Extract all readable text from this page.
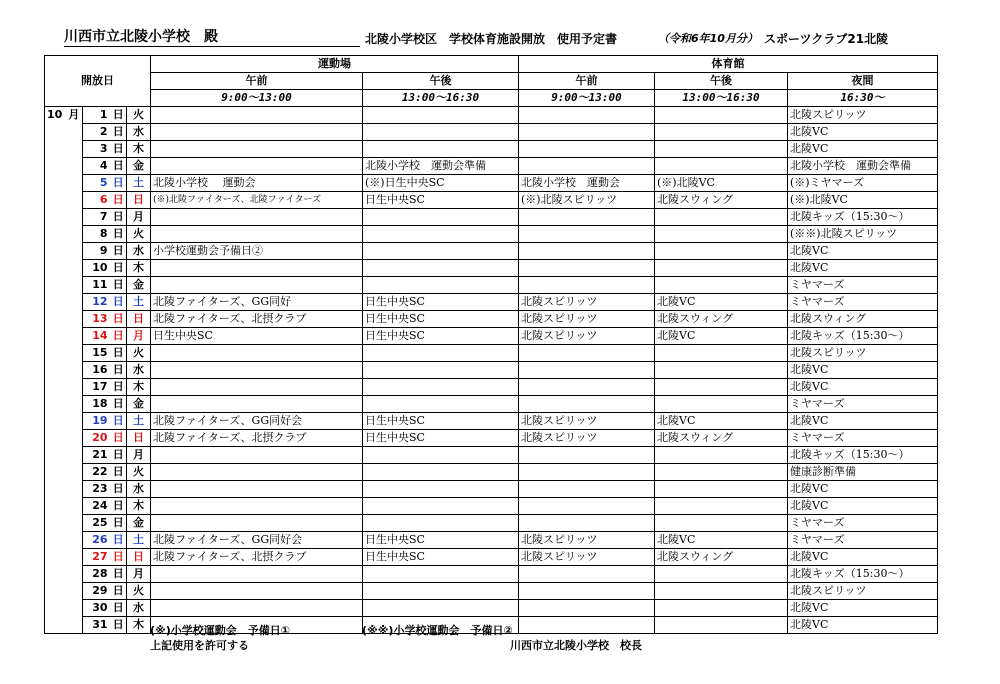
川西市立北陵小学校　殿	北陵小学校区　学校体育施設開放　使用予定書	（令和6年10月分） スポーツクラブ21北陵
開放日				運動場		体育館		
				午前	午後	午前	午後	夜間
				9:00～13:00	13:00～16:30	9:00～13:00	13:00～16:30	16:30～
10 月	1	日	火					北陵スピリッツ
	2	日	水					北陵VC
	3	日	木					北陵VC
	4	日	金		北陵小学校　運動会準備			北陵小学校　運動会準備
	5	日	土	北陵小学校　 運動会	(※)日生中央SC	北陵小学校　運動会	(※)北陵VC	(※)ミヤマーズ
	6	日	日	(※)北陵ファイターズ、北陵ファイターズ	日生中央SC	(※)北陵スピリッツ	北陵スウィング	(※)北陵VC
	7	日	月					北陵キッズ（15:30～）
	8	日	火					(※※)北陵スピリッツ
	9	日	水	小学校運動会予備日②				北陵VC
	10	日	木					北陵VC
	11	日	金					ミヤマーズ
	12	日	土	北陵ファイターズ、GG同好	日生中央SC	北陵スピリッツ	北陵VC	ミヤマーズ
	13	日	日	北陵ファイターズ、北摂クラブ	日生中央SC	北陵スピリッツ	北陵スウィング	北陵スウィング
	14	日	月	日生中央SC	日生中央SC	北陵スピリッツ	北陵VC	北陵キッズ（15:30～）
	15	日	火					北陵スピリッツ
	16	日	水					北陵VC
	17	日	木					北陵VC
	18	日	金					ミヤマーズ
	19	日	土	北陵ファイターズ、GG同好会	日生中央SC	北陵スピリッツ	北陵VC	北陵VC
	20	日	日	北陵ファイターズ、北摂クラブ	日生中央SC	北陵スピリッツ	北陵スウィング	ミヤマーズ
	21	日	月					北陵キッズ（15:30～）
	22	日	火					健康診断準備
	23	日	水					北陵VC
	24	日	木					北陵VC
	25	日	金					ミヤマーズ
	26	日	土	北陵ファイターズ、GG同好会	日生中央SC	北陵スピリッツ	北陵VC	ミヤマーズ
	27	日	日	北陵ファイターズ、北摂クラブ	日生中央SC	北陵スピリッツ	北陵スウィング	北陵VC
	28	日	月					北陵キッズ（15:30～）
	29	日	火					北陵スピリッツ
	30	日	水					北陵VC
	31	日	木					北陵VC
(※)小学校運動会　予備日①	(※※)小学校運動会　予備日②
上記使用を許可する	川西市立北陵小学校　校長
